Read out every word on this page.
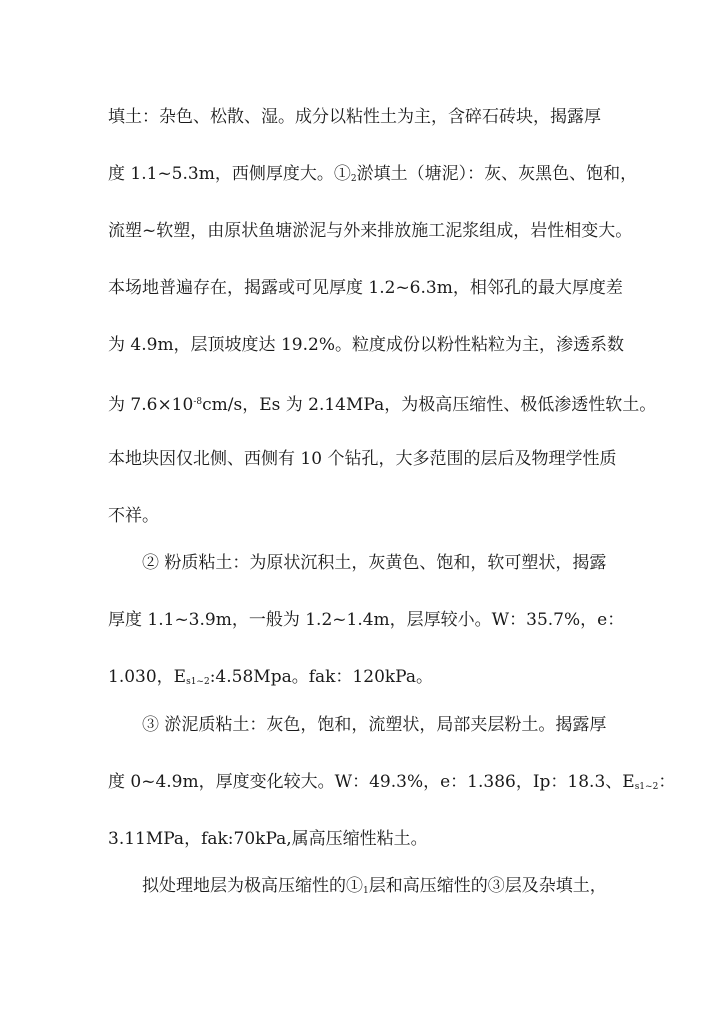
填土：杂色、松散、湿。成分以粘性土为主，含碎石砖块，揭露厚
度 1.1~5.3m，西侧厚度大。$①_2$淤填土（塘泥）：灰、灰黑色、饱和，
流塑~软塑，由原状鱼塘淤泥与外来排放施工泥浆组成，岩性相变大。
本场地普遍存在，揭露或可见厚度 1.2~6.3m，相邻孔的最大厚度差
为 4.9m，层顶坡度达 19.2%。粒度成份以粉性粘粒为主，渗透系数
为 $7.6\times 10^{-8}cm/s$，Es 为 2.14MPa，为极高压缩性、极低渗透性软土。
本地块因仅北侧、西侧有 10 个钻孔，大多范围的层后及物理学性质
不祥。
② 粉质粘土：为原状沉积土，灰黄色、饱和，软可塑状，揭露
厚度 1.1~3.9m，一般为 1.2~1.4m，层厚较小。W：35.7%，e：
1.030，$E_{s1\sim 2}:4.58Mpa$。fak：120kPa。
③ 淤泥质粘土：灰色，饱和，流塑状，局部夹层粉土。揭露厚
度 0~4.9m，厚度变化较大。W：49.3%，e：1.386，Ip：18.3、$E_{s1\sim 2}$：
3.11MPa，fak:70kPa,属高压缩性粘土。
拟处理地层为极高压缩性的$①_1$层和高压缩性的③层及杂填土，
